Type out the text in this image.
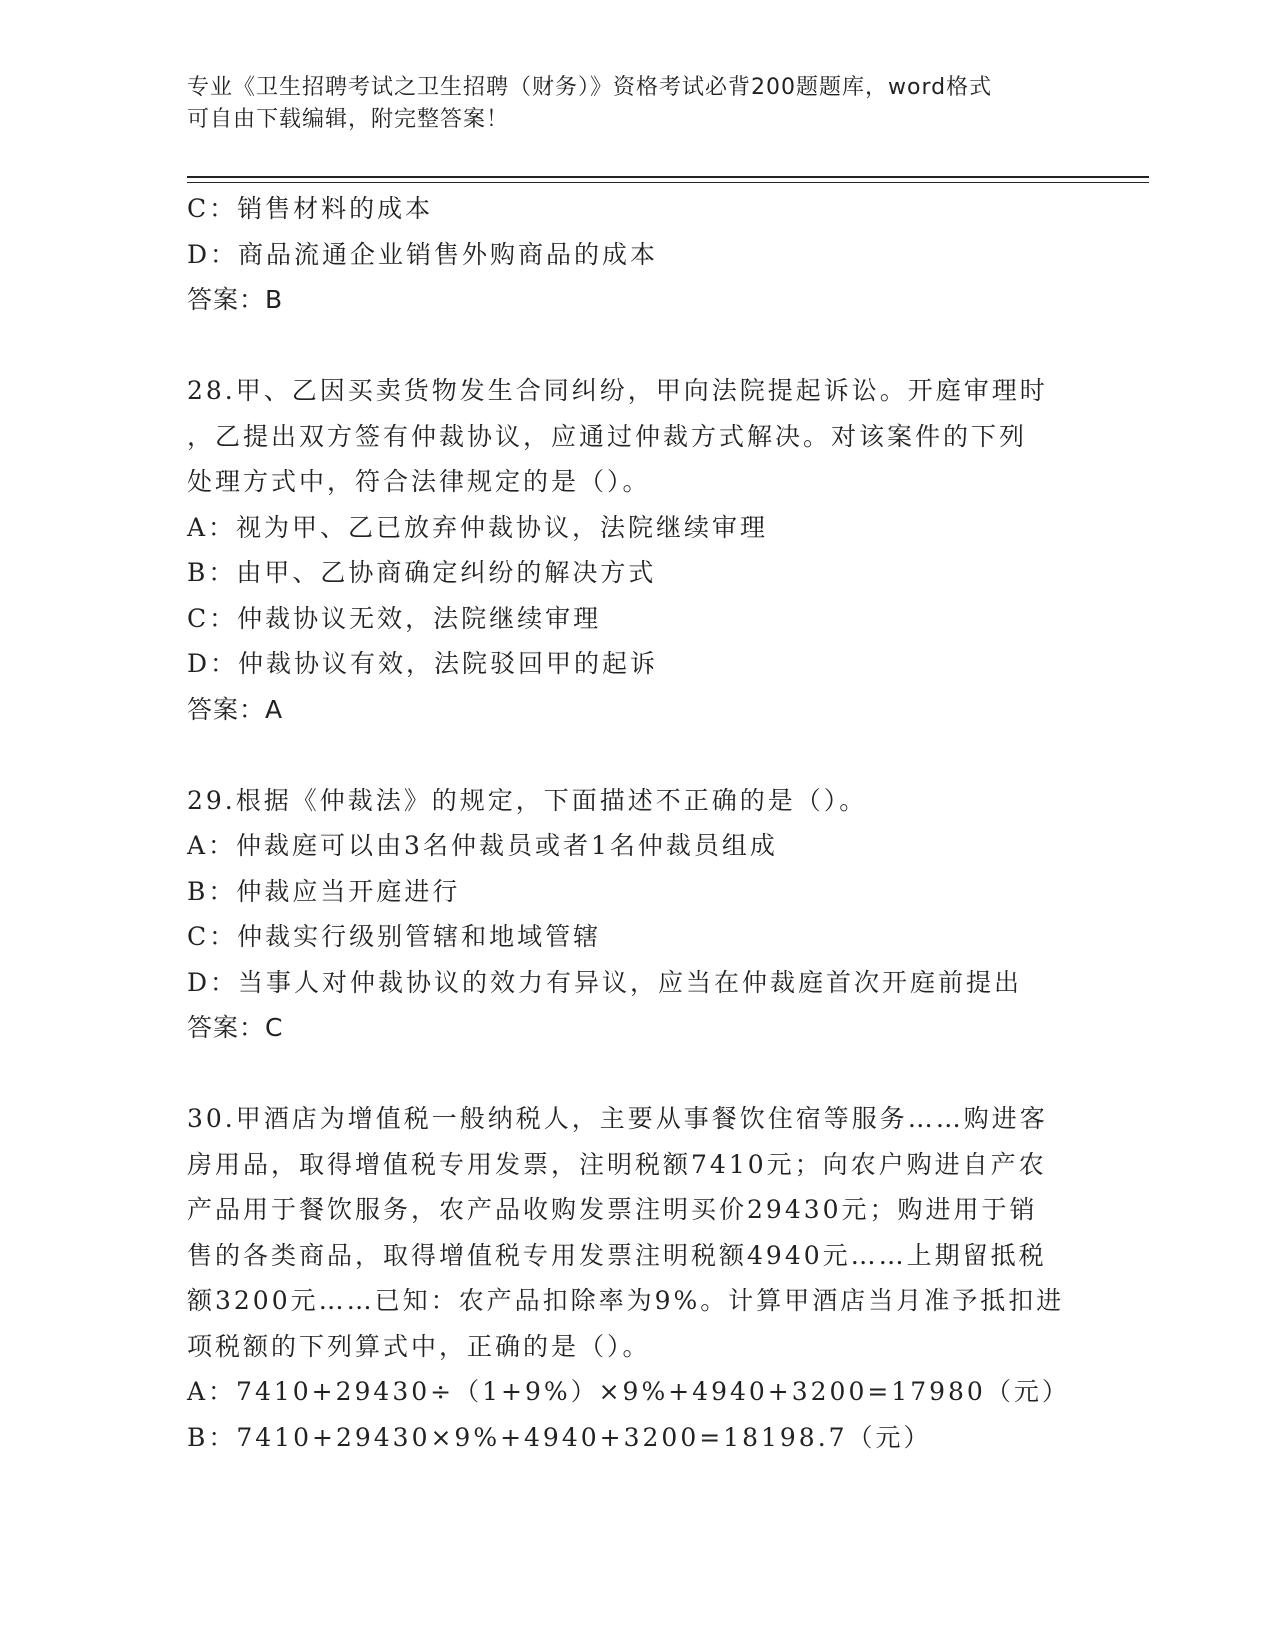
专业《卫生招聘考试之卫生招聘（财务）》资格考试必背200题题库，word格式
可自由下载编辑，附完整答案！
C：销售材料的成本
D：商品流通企业销售外购商品的成本
答案：B
28.甲、乙因买卖货物发生合同纠纷，甲向法院提起诉讼。开庭审理时
，乙提出双方签有仲裁协议，应通过仲裁方式解决。对该案件的下列
处理方式中，符合法律规定的是（）。
A：视为甲、乙已放弃仲裁协议，法院继续审理
B：由甲、乙协商确定纠纷的解决方式
C：仲裁协议无效，法院继续审理
D：仲裁协议有效，法院驳回甲的起诉
答案：A
29.根据《仲裁法》的规定，下面描述不正确的是（）。
A：仲裁庭可以由3名仲裁员或者1名仲裁员组成
B：仲裁应当开庭进行
C：仲裁实行级别管辖和地域管辖
D：当事人对仲裁协议的效力有异议，应当在仲裁庭首次开庭前提出
答案：C
30.甲酒店为增值税一般纳税人，主要从事餐饮住宿等服务……购进客
房用品，取得增值税专用发票，注明税额7410元；向农户购进自产农
产品用于餐饮服务，农产品收购发票注明买价29430元；购进用于销
售的各类商品，取得增值税专用发票注明税额4940元……上期留抵税
额3200元……已知：农产品扣除率为9%。计算甲酒店当月准予抵扣进
项税额的下列算式中，正确的是（）。
A：7410+29430÷（1+9%）×9%+4940+3200=17980（元）
B：7410+29430×9%+4940+3200=18198.7（元）
